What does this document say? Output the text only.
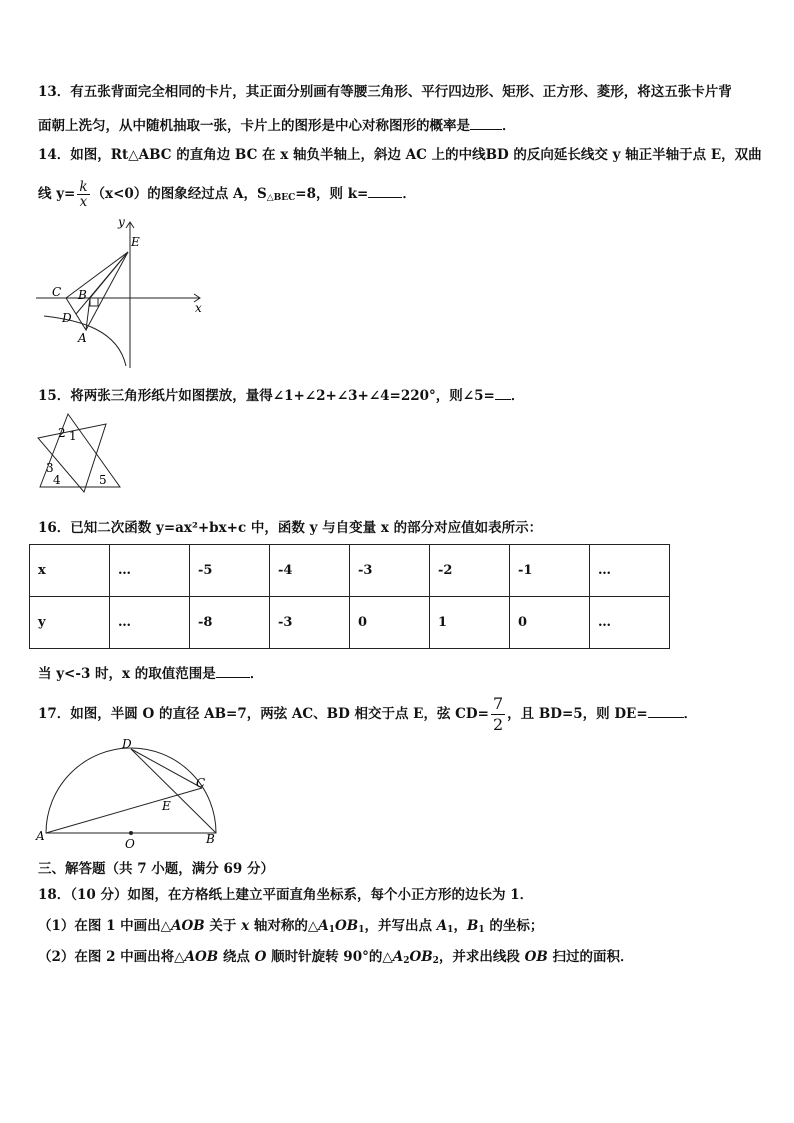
13．有五张背面完全相同的卡片，其正面分别画有等腰三角形、平行四边形、矩形、正方形、菱形，将这五张卡片背
面朝上洗匀，从中随机抽取一张，卡片上的图形是中心对称图形的概率是 ．
14．如图，Rt△ABC 的直角边 BC 在 x 轴负半轴上，斜边 AC 上的中线BD 的反向延长线交 y 轴正半轴于点 E，双曲
线 $y= \frac{k}{x} (x<0)$的图象经过点 A，$S_{\triangle BEC}=8$，则 k=	．
y
x
E
C B
D
A
15．将两张三角形纸片如图摆放，量得∠1+∠2+∠3+∠4=220°，则∠5= ．
2 1
3
4	5
16．已知二次函数 y=ax²+bx+c 中，函数 y 与自变量 x 的部分对应值如表所示：
x	…	-5	-4	-3	-2	-1	…
y	…	-8	-3	0	1	0	…
当 y<-3 时，x 的取值范围是	．
17．如图，半圆 O 的直径 AB=7，两弦 AC、BD 相交于点 E，弦 $CD= \frac{7}{2}$ ，且 BD=5，则 DE=	．
D
C
E
A
O	B
三、解答题（共 7 小题，满分 69 分）
18．（10 分）如图，在方格纸上建立平面直角坐标系，每个小正方形的边长为 1．
（1）在图 1 中画出△AOB 关于 x 轴对称的$\triangle A_1OB_1$，并写出点 $A_1$，$B_1$ 的坐标；
（2）在图 2 中画出将△AOB 绕点 O 顺时针旋转 90°的$\triangle A_2OB_2$，并求出线段 OB 扫过的面积．
